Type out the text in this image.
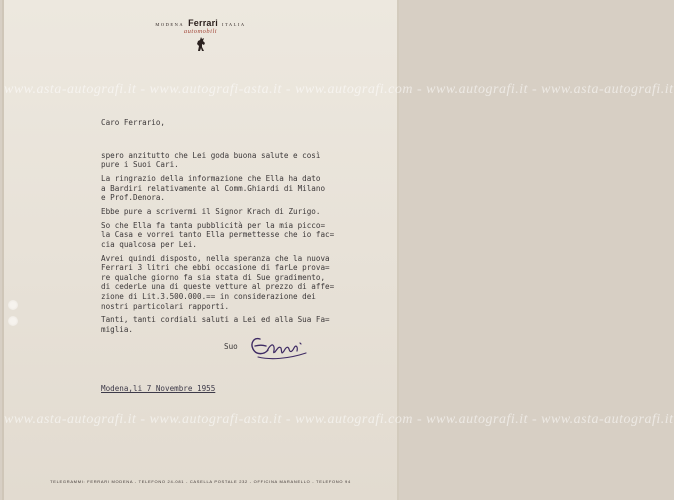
MODENA Ferrari ITALIA
automobili
www.asta-autografi.it - www.autografi-asta.it - www.autografi.com - www.autografi.it - www.asta-autografi.it
www.asta-autografi.it - www.autografi-asta.it - www.autografi.com - www.autografi.it - www.asta-autografi.it

Caro Ferrario,

spero anzitutto che Lei goda buona salute e così
pure i Suoi Cari.

La ringrazio della informazione che Ella ha dato
a Bardiri relativamente al Comm.Ghiardi di Milano
e Prof.Denora.

Ebbe pure a scrivermi il Signor Krach di Zurigo.

So che Ella fa tanta pubblicità per la mia picco=
la Casa e vorrei tanto Ella permettesse che io fac=
cia qualcosa per Lei.

Avrei quindi disposto, nella speranza che la nuova
Ferrari 3 litri che ebbi occasione di farLe prova=
re qualche giorno fa sia stata di Sue gradimento,
di cederLe una di queste vetture al prezzo di affe=
zione di Lit.3.500.000.== in considerazione dei
nostri particolari rapporti.

Tanti, tanti cordiali saluti a Lei ed alla Sua Fa=
miglia.

Suo
Modena,li 7 Novembre 1955
TELEGRAMMI: FERRARI MODENA - TELEFONO 24-081 - CASELLA POSTALE 232 - OFFICINA MARANELLO - TELEFONO 94
